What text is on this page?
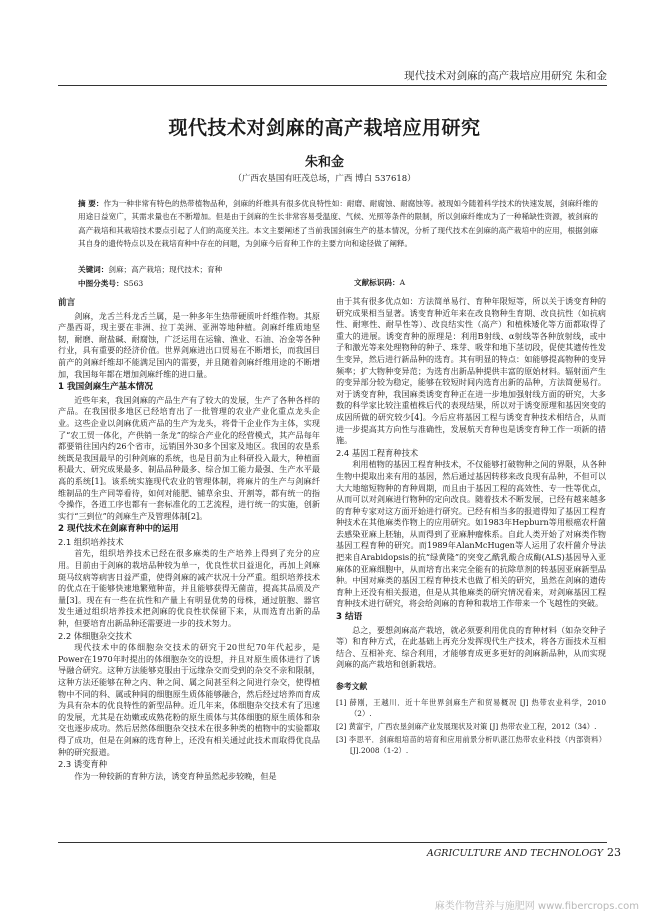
现代技术对剑麻的高产栽培应用研究 朱和金
现代技术对剑麻的高产栽培应用研究
朱和金
（广西农垦国有旺茂总场，广西 博白 537618）
摘 要：作为一种非常有特色的热带植物品种，剑麻的纤维具有很多优良特性如：耐磨、耐腐蚀、耐腐蚀等。被现如今随着科学技术的快速发展，剑麻纤维的用途日益宽广，其需求量也在不断增加。但是由于剑麻的生长非常容易受温度、气候、光照等条件的限制，所以剑麻纤维成为了一种稀缺性资源，被剑麻的高产栽培和其栽培技术要点引起了人们的高度关注。本文主要阐述了当前我国剑麻生产的基本情况，分析了现代技术在剑麻的高产栽培中的应用，根据剑麻其自身的遗传特点以及在栽培育种中存在的问题，为剑麻今后育种工作的主要方向和途径做了阐释。
关键词：剑麻；高产栽培；现代技术；育种
中图分类号：S563	文献标识码：A
前言

剑麻，龙舌兰科龙舌兰属，是一种多年生热带硬质叶纤维作物。其原产墨西哥，现主要在非洲、拉丁美洲、亚洲等地种植。剑麻纤维质地坚韧，耐磨、耐盐碱、耐腐蚀，广泛运用在运输、渔业、石油、冶金等各种行业，具有重要的经济价值。世界剑麻进出口贸易在不断增长，而我国目前产的剑麻纤维却不能满足国内的需要，并且随着剑麻纤维用途的不断增加，我国每年都在增加剑麻纤维的进口量。

1 我国剑麻生产基本情况

近些年来，我国剑麻的产品生产有了较大的发展，生产了各种各样的产品。在我国很多地区已经培育出了一批管理的农业产业化重点龙头企业。这些企业以剑麻优质产品的生产为龙头，将骨干企业作为主体，实现了“农工贸一体化，产供销一条龙”的综合产业化的经营模式，其产品每年都要销往国内约26个省市，远销国外30多个国家及地区。我国的农垦系统既是我国最早的引种剑麻的系统，也是目前为止科研投入最大，种植面积最大、研究成果最多、制品品种最多、综合加工能力最强、生产水平最高的系统[1]。该系统实施现代农业的管理体制，将麻片的生产与剑麻纤维制品的生产同等看待，如何对能肥、铺草余虫、开割等，都有统一的指令操作，各道工序也都有一套标准化的工艺流程，进行统一的实施，创新实行“三到位”的剑麻生产及管理体制[2]。

2 现代技术在剑麻育种中的运用
2.1 组织培养技术

首先，组织培养技术已经在很多麻类的生产培养上得到了充分的应用。目前由于剑麻的栽培品种较为单一，优良性状日益退化，再加上剑麻斑马纹病等病害日益严重，使得剑麻的减产状况十分严重。组织培养技术的优点在于能够快速地繁殖种苗，并且能够获得无菌苗，提高其品质及产量[3]。现在有一些在抗性和产量上有明显优势的母株，通过脏胞、器官发生通过组织培养技术把剑麻的优良性状保留下来，从而选育出新的品种，但要培育出新品种还需要进一步的技术努力。

2.2 体细胞杂交技术

现代技术中的体细胞杂交技术的研究于20世纪70年代起步，是Power在1970年时提出的体细胞杂交的设想，并且对原生质体进行了诱导融合研究。这种方法能够克服由于远缘杂交而受到的杂交不亲和限制，这种方法还能够在种之内、种之间、属之间甚至科之间进行杂交，使得植物中不同的科、属或种间的细胞原生质体能够融合，然后经过培养而育成为具有杂本的优良特性的新型品种。近几年来，体细胞杂交技术有了迅速的发展，尤其是在幼嫩或成熟花粉的原生质体与其体细胞的原生质体和杂交也逐步成功。然后居然体细胞杂交技术在很多种类的植物中的实验都取得了成功，但是在剑麻的选育种上，还没有相关通过此技术而取得优良品种的研究报道。

2.3 诱变育种

作为一种较新的育种方法，诱变育种虽然起步较晚，但是

由于其有很多优点如：方法简单易行、育种年限短等，所以关于诱变育种的研究成果相当显著。诱变育种近年来在改良物种生育期、改良抗性（如抗病性、耐寒性、耐旱性等）、改良结实性（高产）和植株矮化等方面都取得了重大的进展。诱变育种的原理是：利用B射线、α射线等各种放射线，或中子和激光等来处理物种的种子、珠芽、吸芽和地下茎切段，促使其遗传性发生变异，然后进行新品种的选育。其有明显的特点：如能够提高物种的变异频率；扩大物种变异范；为选育出新品种提供丰富的原始材料。辐射面产生的变异部分较为稳定，能够在较短时间内选育出新的品种，方法简便易行。对于诱变育种，我国麻类诱变育种正在进一步地加强射线方面的研究，大多数的科学家比较注重植株后代的表现结果，所以对于诱变原理和基因突变的成因所做的研究较少[4]。今后应将基因工程与诱变育种技术相结合，从而进一步提高其方向性与准确性，发展航天育种也是诱变育种工作一项新的措施。

2.4 基因工程育种技术

利用植物的基因工程育种技术，不仅能够打破物种之间的界限，从各种生物中提取出来有用的基因，然后通过基因转移来改良现有品种，不但可以大大地缩短物种的育种周期，而且由于基因工程的高效性、专一性等优点，从而可以对剑麻进行物种的定向改良。随着技术不断发展，已经有越来越多的育种专家对这方面开始进行研究。已经有相当多的报道得知了基因工程育种技术在其他麻类作物上的应用研究。如1983年Hepburn等用根癌农杆菌去感染亚麻上胚轴，从而得到了亚麻肿瘤株系。自此人类开始了对麻类作物基因工程育种的研究。而1989年AlanMcHugen等人运用了农杆菌介导法把来自Arabidopsis的抗“绿黄隆”的突变乙酰乳酸合成酶(ALS)基因导入亚麻体的亚麻细胞中，从而培育出来完全能有的抗除草剂的转基因亚麻新型品种。中国对麻类的基因工程育种技术也做了相关的研究，虽然在剑麻的遗传育种上还没有相关报道，但是从其他麻类的研究情况看来，对剑麻基因工程育种技术进行研究，将会给剑麻的育种和栽培工作带来一个飞越性的突破。

3 结语

总之，要想剑麻高产栽培，就必须要利用优良的育种材料（如杂交种子等）和育种方式，在此基础上再充分发挥现代生产技术，将各方面技术互相结合、互相补充、综合利用，才能够育成更多更好的剑麻新品种，从而实现剑麻的高产栽培和创新栽培。

参考文献
[1] 薛刚，王越川．近十年世界剑麻生产和贸易概况 [J] 热带农业科学，2010（2）.
[2] 黄富宇，广西农垦剑麻产业发展现状及对策 [J] 热带农业工程，2012（34）.
[3] 李思平．剑麻组培苗的培育和应用前景分析叭湛江热带农业科技（内部资料）[J].2008（1-2）.
AGRICULTURE AND TECHNOLOGY 23
麻类作物营养与施肥网 www.fibercrops.com
